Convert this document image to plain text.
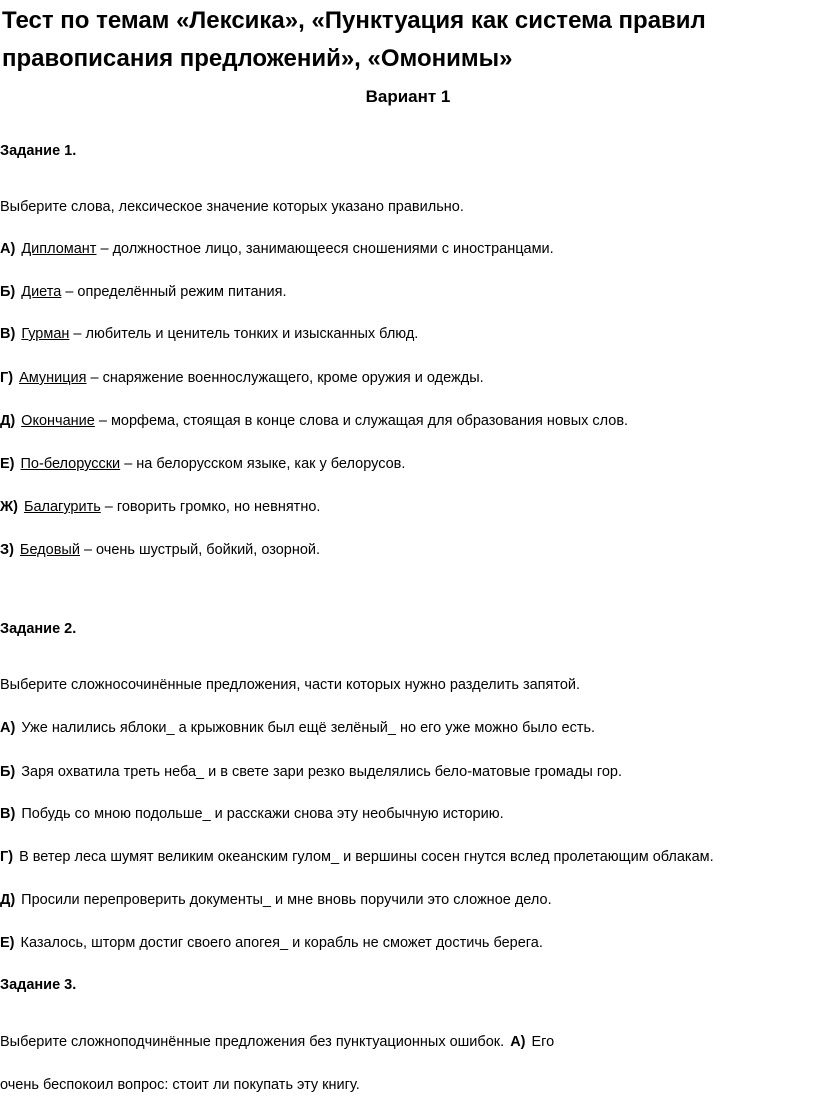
Тест по темам «Лексика», «Пунктуация как система правил правописания предложений», «Омонимы»
Вариант 1
Задание 1.
Выберите слова, лексическое значение которых указано правильно.
А) Дипломант – должностное лицо, занимающееся сношениями с иностранцами.
Б) Диета – определённый режим питания.
В) Гурман – любитель и ценитель тонких и изысканных блюд.
Г) Амуниция – снаряжение военнослужащего, кроме оружия и одежды.
Д) Окончание – морфема, стоящая в конце слова и служащая для образования новых слов.
Е) По-белорусски – на белорусском языке, как у белорусов.
Ж) Балагурить – говорить громко, но невнятно.
З) Бедовый – очень шустрый, бойкий, озорной.
Задание 2.
Выберите сложносочинённые предложения, части которых нужно разделить запятой.
А) Уже налились яблоки_ а крыжовник был ещё зелёный_ но его уже можно было есть.
Б) Заря охватила треть неба_ и в свете зари резко выделялись бело-матовые громады гор.
В) Побудь со мною подольше_ и расскажи снова эту необычную историю.
Г) В ветер леса шумят великим океанским гулом_ и вершины сосен гнутся вслед пролетающим облакам.
Д) Просили перепроверить документы_ и мне вновь поручили это сложное дело.
Е) Казалось, шторм достиг своего апогея_ и корабль не сможет достичь берега.
Задание 3.
Выберите сложноподчинённые предложения без пунктуационных ошибок. А) Его
очень беспокоил вопрос: стоит ли покупать эту книгу.
